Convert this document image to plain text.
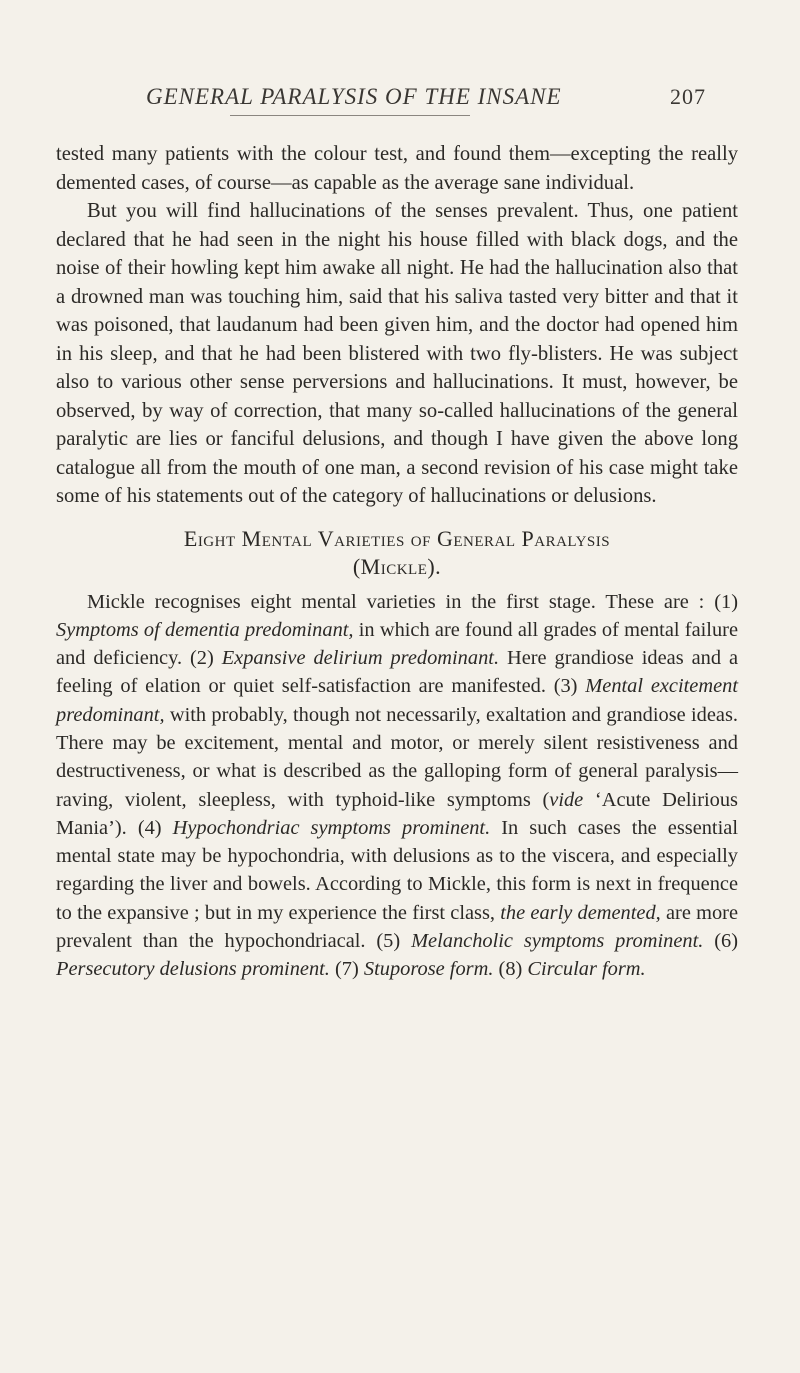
GENERAL PARALYSIS OF THE INSANE	207

tested many patients with the colour test, and found them—excepting the really demented cases, of course—as capable as the average sane individual.

But you will find hallucinations of the senses prevalent. Thus, one patient declared that he had seen in the night his house filled with black dogs, and the noise of their howling kept him awake all night. He had the hallucination also that a drowned man was touching him, said that his saliva tasted very bitter and that it was poisoned, that laudanum had been given him, and the doctor had opened him in his sleep, and that he had been blistered with two fly-blisters. He was subject also to various other sense perversions and hallucinations. It must, however, be observed, by way of correction, that many so-called hallucinations of the general paralytic are lies or fanciful delusions, and though I have given the above long catalogue all from the mouth of one man, a second revision of his case might take some of his statements out of the category of hallucinations or delusions.

Eight Mental Varieties of General Paralysis
(Mickle).

Mickle recognises eight mental varieties in the first stage. These are : (1) Symptoms of dementia predominant, in which are found all grades of mental failure and deficiency. (2) Expansive delirium predominant. Here grandiose ideas and a feeling of elation or quiet self-satisfaction are manifested. (3) Mental excitement predominant, with probably, though not necessarily, exaltation and grandiose ideas. There may be excitement, mental and motor, or merely silent resistiveness and destructiveness, or what is described as the galloping form of general paralysis—raving, violent, sleepless, with typhoid-like symptoms (vide ‘Acute Delirious Mania’). (4) Hypochondriac symptoms prominent. In such cases the essential mental state may be hypochondria, with delusions as to the viscera, and especially regarding the liver and bowels. According to Mickle, this form is next in frequence to the expansive ; but in my experience the first class, the early demented, are more prevalent than the hypochondriacal. (5) Melancholic symptoms prominent. (6) Persecutory delusions prominent. (7) Stuporose form. (8) Circular form.
